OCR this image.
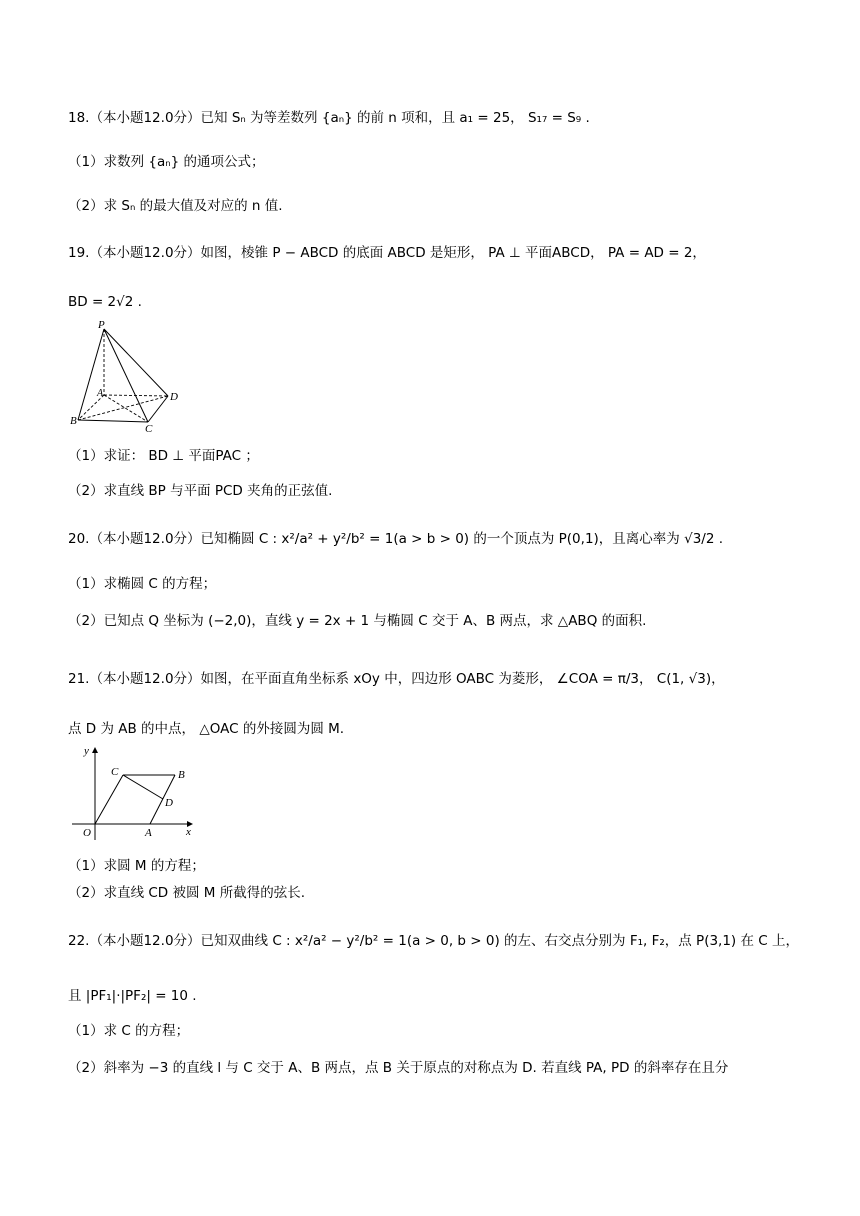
18.（本小题12.0分）已知 Sₙ 为等差数列 {aₙ} 的前 n 项和，且 a₁ = 25， S₁₇ = S₉ .
（1）求数列 {aₙ} 的通项公式；
（2）求 Sₙ 的最大值及对应的 n 值.
19.（本小题12.0分）如图，棱锥 P − ABCD 的底面 ABCD 是矩形， PA ⊥ 平面ABCD， PA = AD = 2，
BD = 2√2 .
P
A
B
C
D
（1）求证： BD ⊥ 平面PAC ；
（2）求直线 BP 与平面 PCD 夹角的正弦值.
20.（本小题12.0分）已知椭圆 C : x²/a² + y²/b² = 1(a > b > 0) 的一个顶点为 P(0,1)，且离心率为 √3/2 .
（1）求椭圆 C 的方程；
（2）已知点 Q 坐标为 (−2,0)，直线 y = 2x + 1 与椭圆 C 交于 A、B 两点，求 △ABQ 的面积.
21.（本小题12.0分）如图，在平面直角坐标系 xOy 中，四边形 OABC 为菱形， ∠COA = π/3， C(1, √3)，
点 D 为 AB 的中点， △OAC 的外接圆为圆 M.
y
x
O	A
B
C
D
（1）求圆 M 的方程；
（2）求直线 CD 被圆 M 所截得的弦长.
22.（本小题12.0分）已知双曲线 C : x²/a² − y²/b² = 1(a > 0, b > 0) 的左、右交点分别为 F₁, F₂，点 P(3,1) 在 C 上，
且 |PF₁|·|PF₂| = 10 .
（1）求 C 的方程；
（2）斜率为 −3 的直线 l 与 C 交于 A、B 两点，点 B 关于原点的对称点为 D. 若直线 PA, PD 的斜率存在且分
